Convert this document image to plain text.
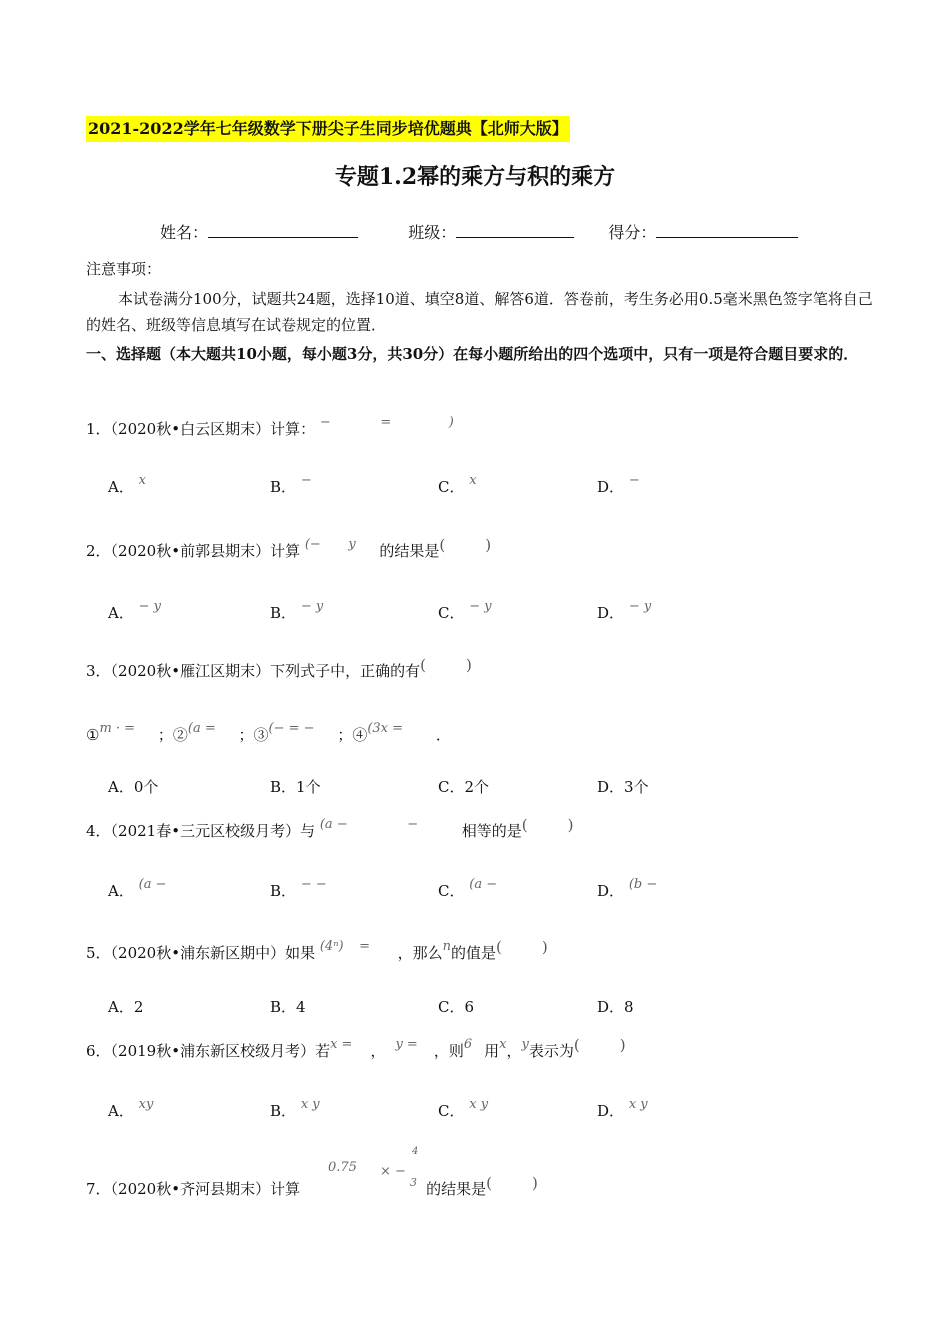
2021-2022学年七年级数学下册尖子生同步培优题典【北师大版】
专题1.2幂的乘方与积的乘方
姓名：	班级：	得分：
注意事项：
本试卷满分100分，试题共24题，选择10道、填空8道、解答6道．答卷前，考生务必用0.5毫米黑色签字笔将自己的姓名、班级等信息填写在试卷规定的位置．
一、选择题（本大题共10小题，每小题3分，共30分）在每小题所给出的四个选项中，只有一项是符合题目要求的．
1．（2020秋•白云区期末）计算： −	=	)
A． x	B． −	C． x	D． −
2．（2020秋•前郭县期末）计算 (− y 的结果是(	)
A． − y	B． − y	C． − y	D． − y
3．（2020秋•雁江区期末）下列式子中，正确的有(	)
①m · = ；②(a = ；③(− = − ；④(3x = ．
A．0个	B．1个	C．2个	D．3个
4．（2021春•三元区校级月考）与 (a −	−	相等的是(	)
A． (a −	B． − −	C． (a −	D． (b −
5．（2020秋•浦东新区期中）如果 (4ⁿ) = ，那么n的值是(	)
A．2	B．4	C．6	D．8
6．（2019秋•浦东新区校级月考）若x = ， y = ，则6 用x，y表示为(	)
A． xy	B． x y	C． x y	D． x y
0.75 × −
4
3
7．（2020秋•齐河县期末）计算	的结果是(	)
